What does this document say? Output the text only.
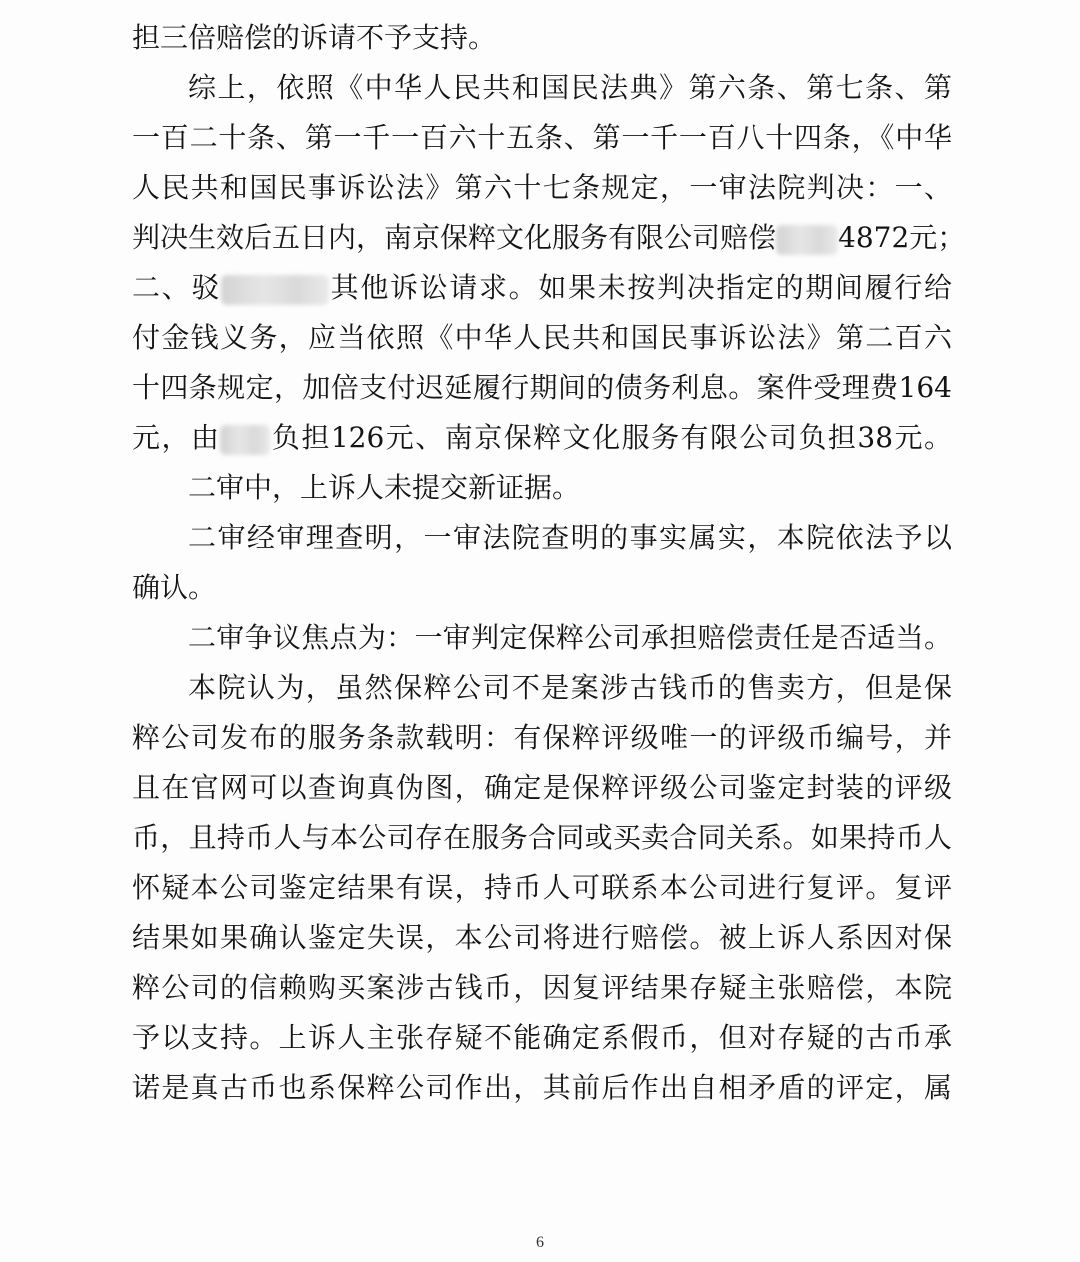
担三倍赔偿的诉请不予支持。
综上，依照《中华人民共和国民法典》第六条、第七条、第
一百二十条、第一千一百六十五条、第一千一百八十四条，《中华
人民共和国民事诉讼法》第六十七条规定，一审法院判决：一、
判决生效后五日内，南京保粹文化服务有限公司赔偿 4872元；
二、驳	其他诉讼请求。如果未按判决指定的期间履行给
付金钱义务，应当依照《中华人民共和国民事诉讼法》第二百六
十四条规定，加倍支付迟延履行期间的债务利息。案件受理费164
元，由 负担126元、南京保粹文化服务有限公司负担38元。
二审中，上诉人未提交新证据。
二审经审理查明，一审法院查明的事实属实，本院依法予以
确认。
二审争议焦点为：一审判定保粹公司承担赔偿责任是否适当。
本院认为，虽然保粹公司不是案涉古钱币的售卖方，但是保
粹公司发布的服务条款载明：有保粹评级唯一的评级币编号，并
且在官网可以查询真伪图，确定是保粹评级公司鉴定封装的评级
币，且持币人与本公司存在服务合同或买卖合同关系。如果持币人
怀疑本公司鉴定结果有误，持币人可联系本公司进行复评。复评
结果如果确认鉴定失误，本公司将进行赔偿。被上诉人系因对保
粹公司的信赖购买案涉古钱币，因复评结果存疑主张赔偿，本院
予以支持。上诉人主张存疑不能确定系假币，但对存疑的古币承
诺是真古币也系保粹公司作出，其前后作出自相矛盾的评定，属
6
